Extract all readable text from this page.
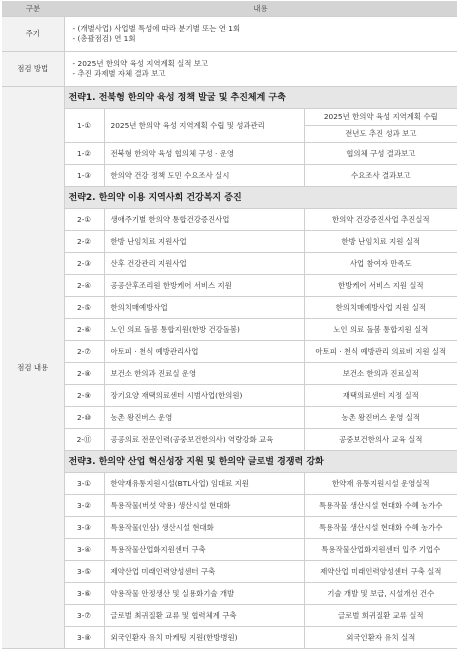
구분	내용		
주기	- (개별사업) 사업별 특성에 따라 분기별 또는 연 1회
- (총괄점검) 연 1회		

점검 방법	- 2025년 한의약 육성 지역계획 실적 보고
- 추진 과제별 자체 결과 보고		

점검 내용	전략1. 전북형 한의약 육성 정책 발굴 및 추진체계 구축		
	1-①	2025년 한의약 육성 지역계획 수립 및 성과관리	2025년 한의약 육성 지역계획 수립
			전년도 추진 성과 보고
	1-②	전북형 한의약 육성 협의체 구성 · 운영	협의체 구성 결과보고
	1-③	한의약 건강 정책 도민 수요조사 실시	수요조사 결과보고
	전략2. 한의약 이용 지역사회 건강복지 증진		
	2-①	생애주기별 한의약 통합건강증진사업	한의약 건강증진사업 추진실적
	2-②	한방 난임치료 지원사업	한방 난임치료 지원 실적
	2-③	산후 건강관리 지원사업	사업 참여자 만족도
	2-④	공공산후조리원 한방케어 서비스 지원	한방케어 서비스 지원 실적
	2-⑤	한의치매예방사업	한의치매예방사업 지원 실적
	2-⑥	노인 의료 돌봄 통합지원(한방 건강돌봄)	노인 의료 돌봄 통합지원 실적
	2-⑦	아토피 · 천식 예방관리사업	아토피 · 천식 예방관리 의료비 지원 실적
	2-⑧	보건소 한의과 진료실 운영	보건소 한의과 진료실적
	2-⑨	장기요양 재택의료센터 시범사업(한의원)	재택의료센터 지정 실적
	2-⑩	농촌 왕진버스 운영	농촌 왕진버스 운영 실적
	2-⑪	공공의료 전문인력(공중보건한의사) 역량강화 교육	공중보건한의사 교육 실적
	전략3. 한의약 산업 혁신성장 지원 및 한의약 글로벌 경쟁력 강화		
	3-①	한약재유통지원시설(BTL사업) 임대료 지원	한약재 유통지원시설 운영실적
	3-②	특용작물(버섯 약용) 생산시설 현대화	특용작물 생산시설 현대화 수혜 농가수
	3-③	특용작물(인삼) 생산시설 현대화	특용작물 생산시설 현대화 수혜 농가수
	3-④	특용작물산업화지원센터 구축	특용작물산업화지원센터 입주 기업수
	3-⑤	제약산업 미래인력양성센터 구축	제약산업 미래인력양성센터 구축 실적
	3-⑥	약용작물 안정생산 및 실용화기술 개발	기술 개발 및 보급, 시설개선 건수
	3-⑦	글로벌 최귀질환 교류 및 협력체계 구축	글로벌 희귀질환 교류 실적
	3-⑧	외국인환자 유치 마케팅 지원(한방병원)	외국인환자 유치 실적
